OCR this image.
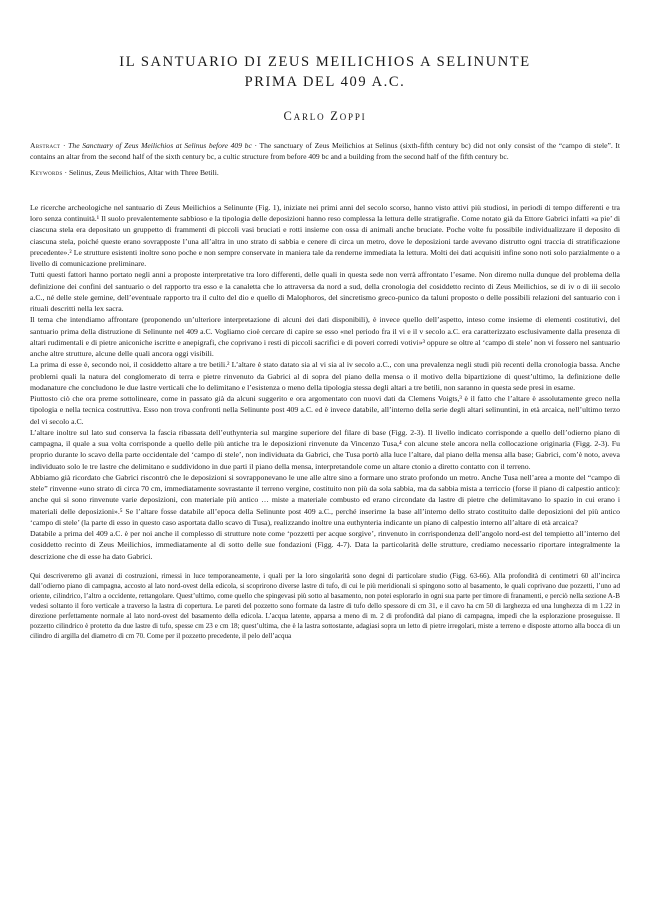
IL SANTUARIO DI ZEUS MEILICHIOS A SELINUNTE
PRIMA DEL 409 A.C.
Carlo Zoppi
Abstract · The Sanctuary of Zeus Meilichios at Selinus before 409 bc · The sanctuary of Zeus Meilichios at Selinus (sixth-fifth century bc) did not only consist of the “campo di stele”. It contains an altar from the second half of the sixth century bc, a cultic structure from before 409 bc and a building from the second half of the fifth century bc.
Keywords · Selinus, Zeus Meilichios, Altar with Three Betili.

Le ricerche archeologiche nel santuario di Zeus Meilichios a Selinunte (Fig. 1), iniziate nei primi anni del secolo scorso, hanno visto attivi più studiosi, in periodi di tempo differenti e tra loro senza continuità.¹ Il suolo prevalentemente sabbioso e la tipologia delle deposizioni hanno reso complessa la lettura delle stratigrafie. Come notato già da Ettore Gabrici infatti «a pie’ di ciascuna stela era depositato un gruppetto di frammenti di piccoli vasi bruciati e rotti insieme con ossa di animali anche bruciate. Poche volte fu possibile individualizzare il deposito di ciascuna stela, poiché queste erano sovrapposte l’una all’altra in uno strato di sabbia e cenere di circa un metro, dove le deposizioni tarde avevano distrutto ogni traccia di stratificazione precedente».² Le strutture esistenti inoltre sono poche e non sempre conservate in maniera tale da renderne immediata la lettura. Molti dei dati acquisiti infine sono noti solo parzialmente o a livello di comunicazione preliminare.

Tutti questi fattori hanno portato negli anni a proposte interpretative tra loro differenti, delle quali in questa sede non verrà affrontato l’esame. Non diremo nulla dunque del problema della definizione dei confini del santuario o del rapporto tra esso e la canaletta che lo attraversa da nord a sud, della cronologia del cosiddetto recinto di Zeus Meilichios, se di iv o di iii secolo a.C., né delle stele gemine, dell’eventuale rapporto tra il culto del dio e quello di Malophoros, del sincretismo greco-punico da taluni proposto o delle possibili relazioni del santuario con i rituali descritti nella lex sacra.

Il tema che intendiamo affrontare (proponendo un’ulteriore interpretazione di alcuni dei dati disponibili), è invece quello dell’aspetto, inteso come insieme di elementi costitutivi, del santuario prima della distruzione di Selinunte nel 409 a.C. Vogliamo cioè cercare di capire se esso «nel periodo fra il vi e il v secolo a.C. era caratterizzato esclusivamente dalla presenza di altari rudimentali e di pietre aniconiche iscritte e anepigrafi, che coprivano i resti di piccoli sacrifici e di poveri corredi votivi»³ oppure se oltre al ‘campo di stele’ non vi fossero nel santuario anche altre strutture, alcune delle quali ancora oggi visibili.

La prima di esse è, secondo noi, il cosiddetto altare a tre betili.² L’altare è stato datato sia al vi sia al iv secolo a.C., con una prevalenza negli studi più recenti della cronologia bassa. Anche problemi quali la natura del conglomerato di terra e pietre rinvenuto da Gabrici al di sopra del piano della mensa o il motivo della bipartizione di quest’ultimo, la definizione delle modanature che concludono le due lastre verticali che lo delimitano e l’esistenza o meno della tipologia stessa degli altari a tre betili, non saranno in questa sede presi in esame.

Piuttosto ciò che ora preme sottolineare, come in passato già da alcuni suggerito e ora argomentato con nuovi dati da Clemens Voigts,³ è il fatto che l’altare è assolutamente greco nella tipologia e nella tecnica costruttiva. Esso non trova confronti nella Selinunte post 409 a.C. ed è invece databile, all’interno della serie degli altari selinuntini, in età arcaica, nell’ultimo terzo del vi secolo a.C.

L’altare inoltre sul lato sud conserva la fascia ribassata dell’euthynteria sul margine superiore del filare di base (Figg. 2-3). Il livello indicato corrisponde a quello dell’odierno piano di campagna, il quale a sua volta corrisponde a quello delle più antiche tra le deposizioni rinvenute da Vincenzo Tusa,⁴ con alcune stele ancora nella collocazione originaria (Figg. 2-3). Fu proprio durante lo scavo della parte occidentale del ‘campo di stele’, non individuata da Gabrici, che Tusa portò alla luce l’altare, dal piano della mensa alla base; Gabrici, com’è noto, aveva individuato solo le tre lastre che delimitano e suddividono in due parti il piano della mensa, interpretandole come un altare ctonio a diretto contatto con il terreno.

Abbiamo già ricordato che Gabrici riscontrò che le deposizioni si sovrapponevano le une alle altre sino a formare uno strato profondo un metro. Anche Tusa nell’area a monte del “campo di stele” rinvenne «uno strato di circa 70 cm, immediatamente sovrastante il terreno vergine, costituito non più da sola sabbia, ma da sabbia mista a terriccio (forse il piano di calpestio antico): anche qui si sono rinvenute varie deposizioni, con materiale più antico … miste a materiale combusto ed erano circondate da lastre di pietre che delimitavano lo spazio in cui erano i materiali delle deposizioni».⁵ Se l’altare fosse databile all’epoca della Selinunte post 409 a.C., perché inserirne la base all’interno dello strato costituito dalle deposizioni del più antico ‘campo di stele’ (la parte di esso in questo caso asportata dallo scavo di Tusa), realizzando inoltre una euthynteria indicante un piano di calpestio interno all’altare di età arcaica?

Databile a prima del 409 a.C. è per noi anche il complesso di strutture note come ‘pozzetti per acque sorgive’, rinvenuto in corrispondenza dell’angolo nord-est del tempietto all’interno del cosiddetto recinto di Zeus Meilichios, immediatamente al di sotto delle sue fondazioni (Figg. 4-7). Data la particolarità delle strutture, crediamo necessario riportare integralmente la descrizione che di esse ha dato Gabrici.

Qui descriveremo gli avanzi di costruzioni, rimessi in luce temporaneamente, i quali per la loro singolarità sono degni di particolare studio (Figg. 63-66). Alla profondità di centimetri 60 all’incirca dall’odierno piano di campagna, accosto al lato nord-ovest della edicola, si scoprirono diverse lastre di tufo, di cui le più meridionali si spingono sotto al basamento, le quali coprivano due pozzetti, l’uno ad oriente, cilindrico, l’altro a occidente, rettangolare. Quest’ultimo, come quello che spingevasi più sotto al basamento, non potei esplorarlo in ogni sua parte per timore di franamenti, e perciò nella sezione A-B vedesi soltanto il foro verticale a traverso la lastra di copertura. Le pareti del pozzetto sono formate da lastre di tufo dello spessore di cm 31, e il cavo ha cm 50 di larghezza ed una lunghezza di m 1.22 in direzione perfettamente normale al lato nord-ovest del basamento della edicola. L’acqua latente, apparsa a meno di m. 2 di profondità dal piano di campagna, impedì che la esplorazione proseguisse. Il pozzetto cilindrico è protetto da due lastre di tufo, spesse cm 23 e cm 18; quest’ultima, che è la lastra sottostante, adagiasi sopra un letto di pietre irregolari, miste a terreno e disposte attorno alla bocca di un cilindro di argilla del diametro di cm 70. Come per il pozzetto precedente, il pelo dell’acqua
